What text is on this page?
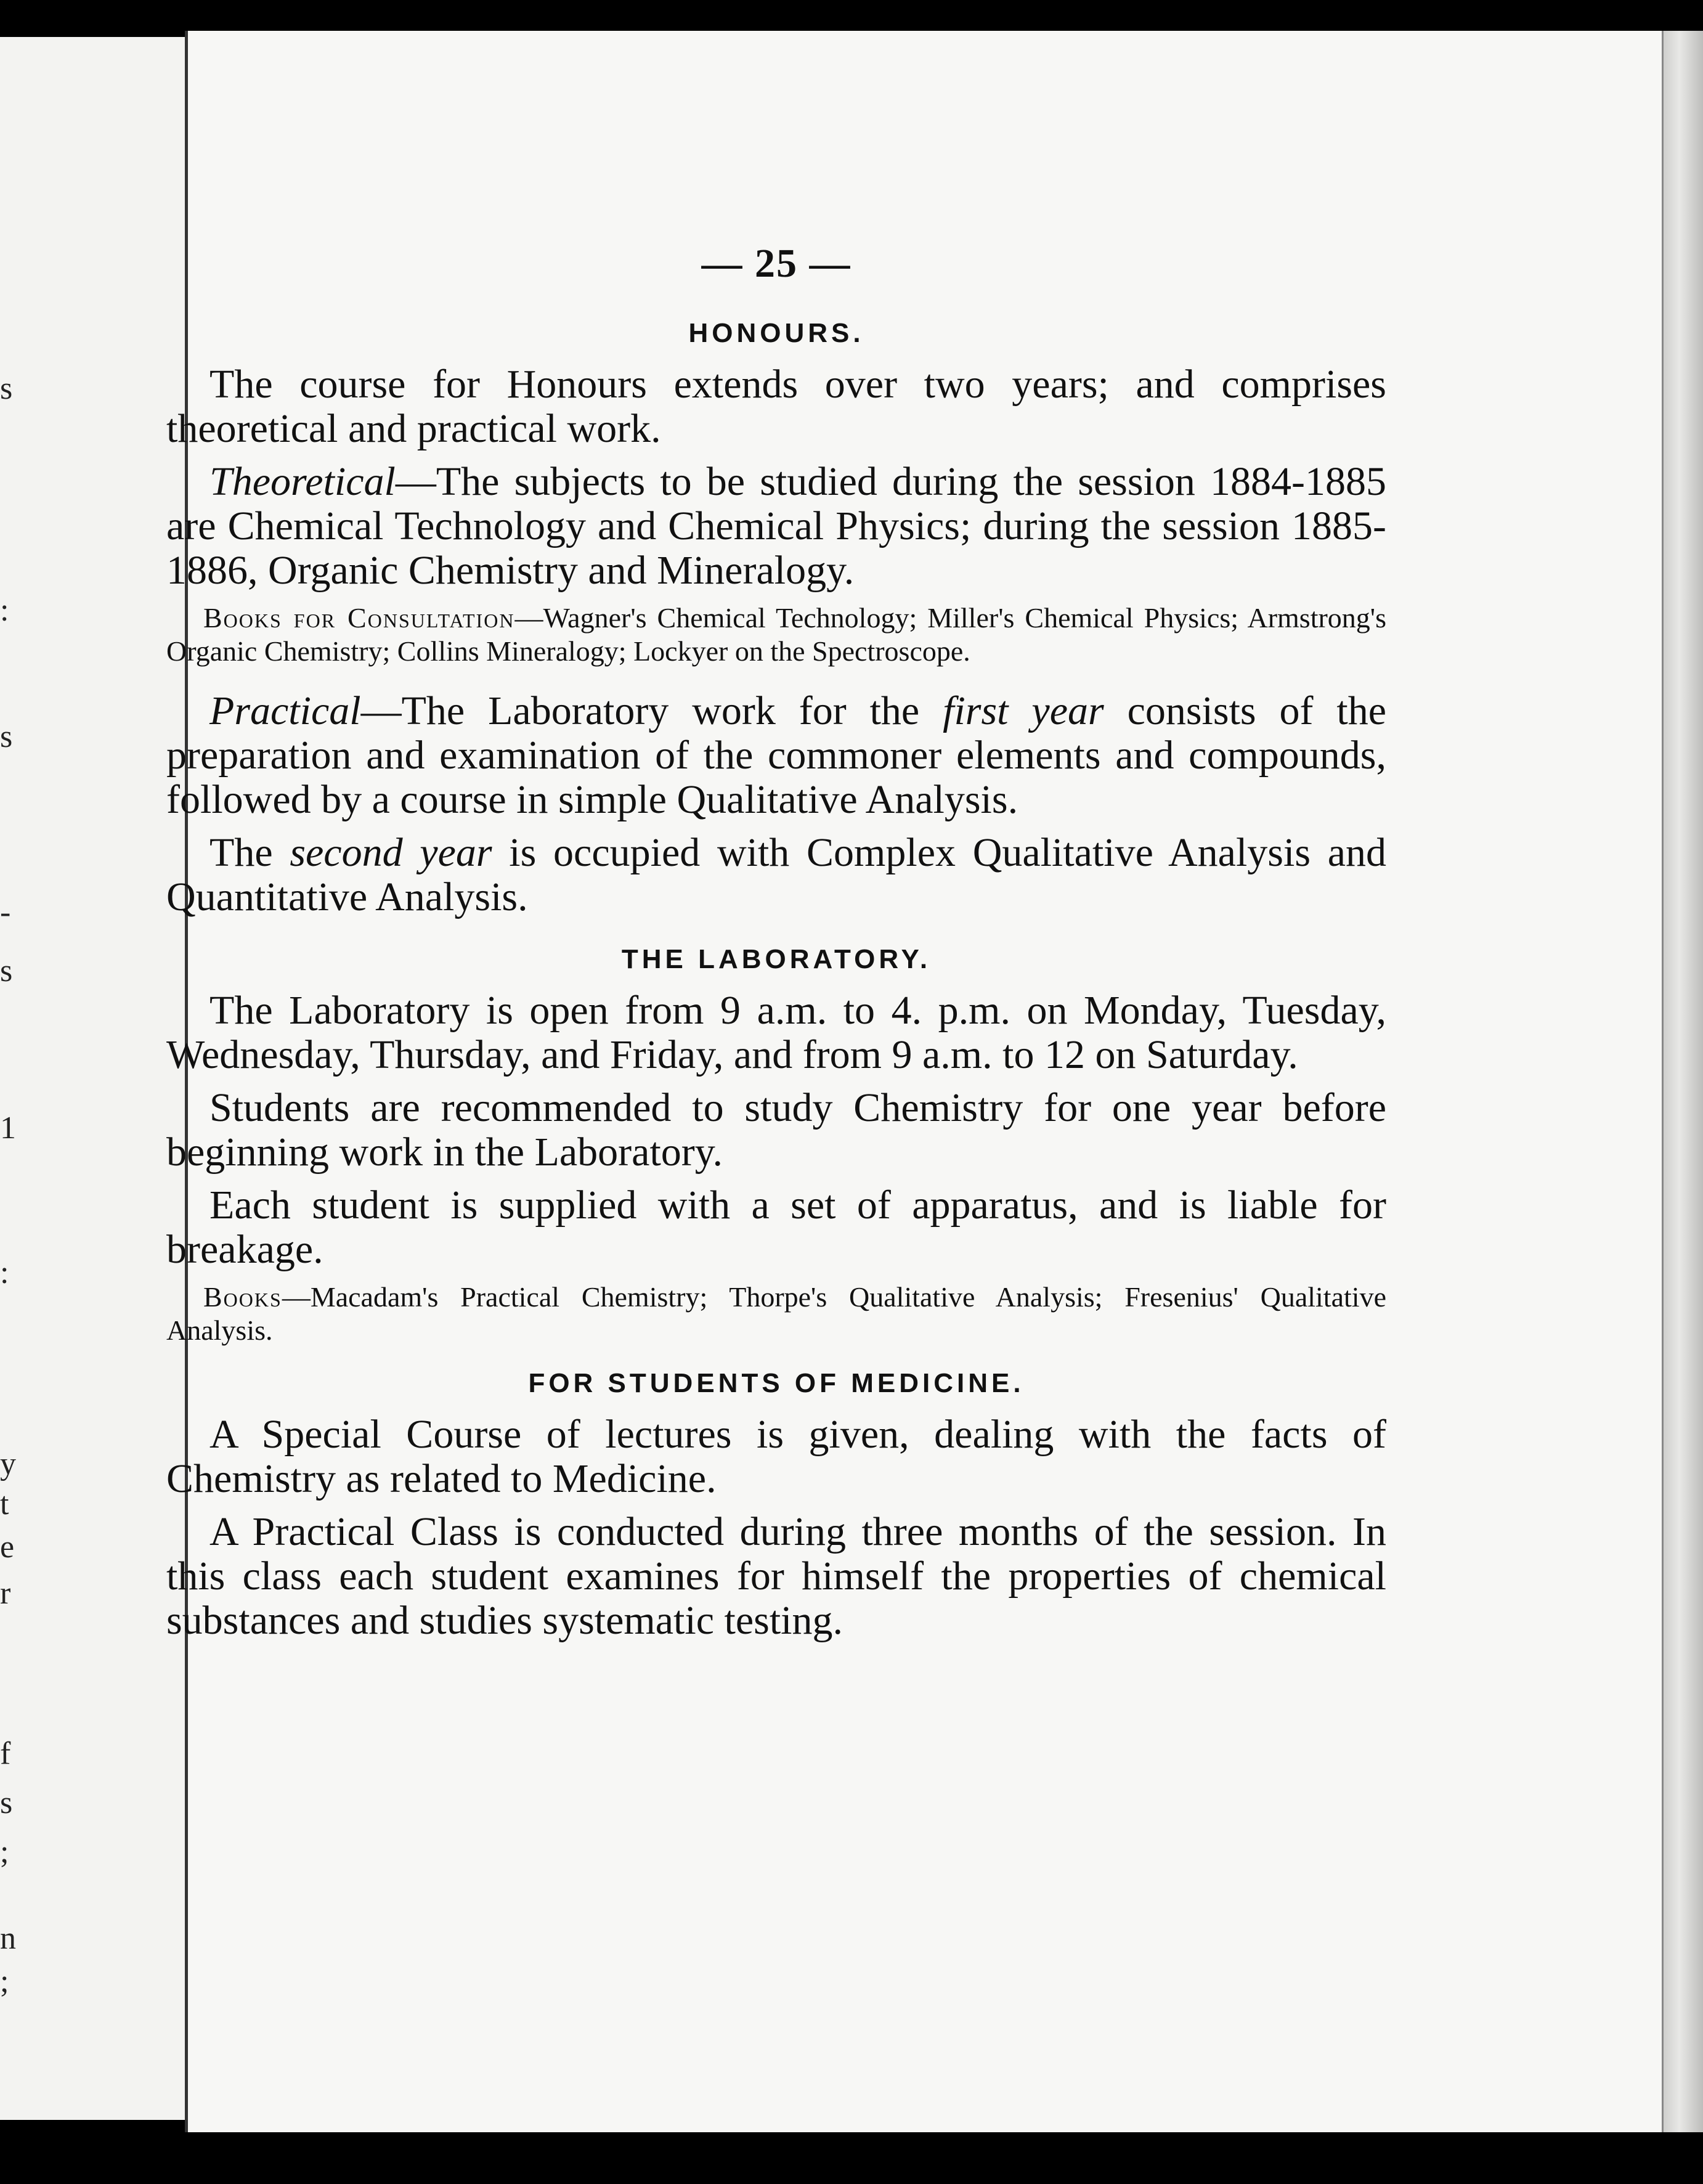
s
:
s
-
s
1
:
y
t
e
r
f
s
;
n
;
— 25 —
HONOURS.

The course for Honours extends over two years; and comprises theoretical and practical work.

Theoretical—The subjects to be studied during the session 1884-1885 are Chemical Technology and Chemical Physics; during the session 1885-1886, Organic Chemistry and Mineralogy.

Books for Consultation—Wagner's Chemical Technology; Miller's Chemical Physics; Armstrong's Organic Chemistry; Collins Mineralogy; Lockyer on the Spectroscope.

Practical—The Laboratory work for the first year consists of the preparation and examination of the commoner elements and compounds, followed by a course in simple Qualitative Analysis.

The second year is occupied with Complex Qualitative Analysis and Quantitative Analysis.

THE LABORATORY.

The Laboratory is open from 9 a.m. to 4. p.m. on Monday, Tuesday, Wednesday, Thursday, and Friday, and from 9 a.m. to 12 on Saturday.

Students are recommended to study Chemistry for one year before beginning work in the Laboratory.

Each student is supplied with a set of apparatus, and is liable for breakage.

Books—Macadam's Practical Chemistry; Thorpe's Qualitative Analysis; Fresenius' Qualitative Analysis.

FOR STUDENTS OF MEDICINE.

A Special Course of lectures is given, dealing with the facts of Chemistry as related to Medicine.

A Practical Class is conducted during three months of the session. In this class each student examines for himself the properties of chemical substances and studies systematic testing.
